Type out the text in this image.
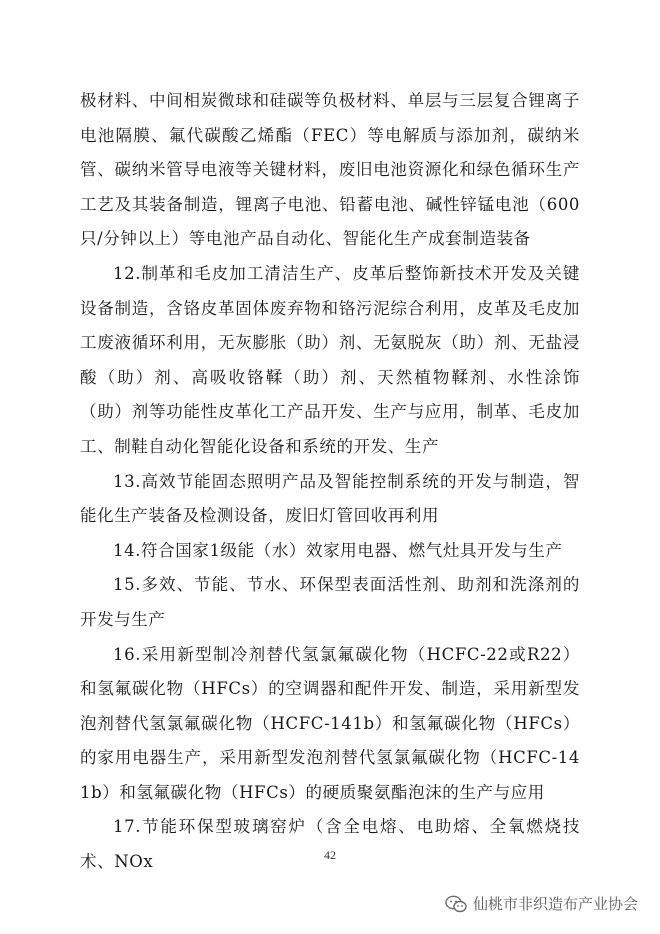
极材料、中间相炭微球和硅碳等负极材料、单层与三层复合锂离子电池隔膜、氟代碳酸乙烯酯（FEC）等电解质与添加剂，碳纳米管、碳纳米管导电液等关键材料，废旧电池资源化和绿色循环生产工艺及其装备制造，锂离子电池、铅蓄电池、碱性锌锰电池（600只/分钟以上）等电池产品自动化、智能化生产成套制造装备

12.制革和毛皮加工清洁生产、皮革后整饰新技术开发及关键设备制造，含铬皮革固体废弃物和铬污泥综合利用，皮革及毛皮加工废液循环利用，无灰膨胀（助）剂、无氨脱灰（助）剂、无盐浸酸（助）剂、高吸收铬鞣（助）剂、天然植物鞣剂、水性涂饰（助）剂等功能性皮革化工产品开发、生产与应用，制革、毛皮加工、制鞋自动化智能化设备和系统的开发、生产

13.高效节能固态照明产品及智能控制系统的开发与制造，智能化生产装备及检测设备，废旧灯管回收再利用

14.符合国家1级能（水）效家用电器、燃气灶具开发与生产

15.多效、节能、节水、环保型表面活性剂、助剂和洗涤剂的开发与生产

16.采用新型制冷剂替代氢氯氟碳化物（HCFC-22或R22）和氢氟碳化物（HFCs）的空调器和配件开发、制造，采用新型发泡剂替代氢氯氟碳化物（HCFC-141b）和氢氟碳化物（HFCs）的家用电器生产，采用新型发泡剂替代氢氯氟碳化物（HCFC-141b）和氢氟碳化物（HFCs）的硬质聚氨酯泡沫的生产与应用

17.节能环保型玻璃窑炉（含全电熔、电助熔、全氧燃烧技术、NOx	42
仙桃市非织造布产业协会
